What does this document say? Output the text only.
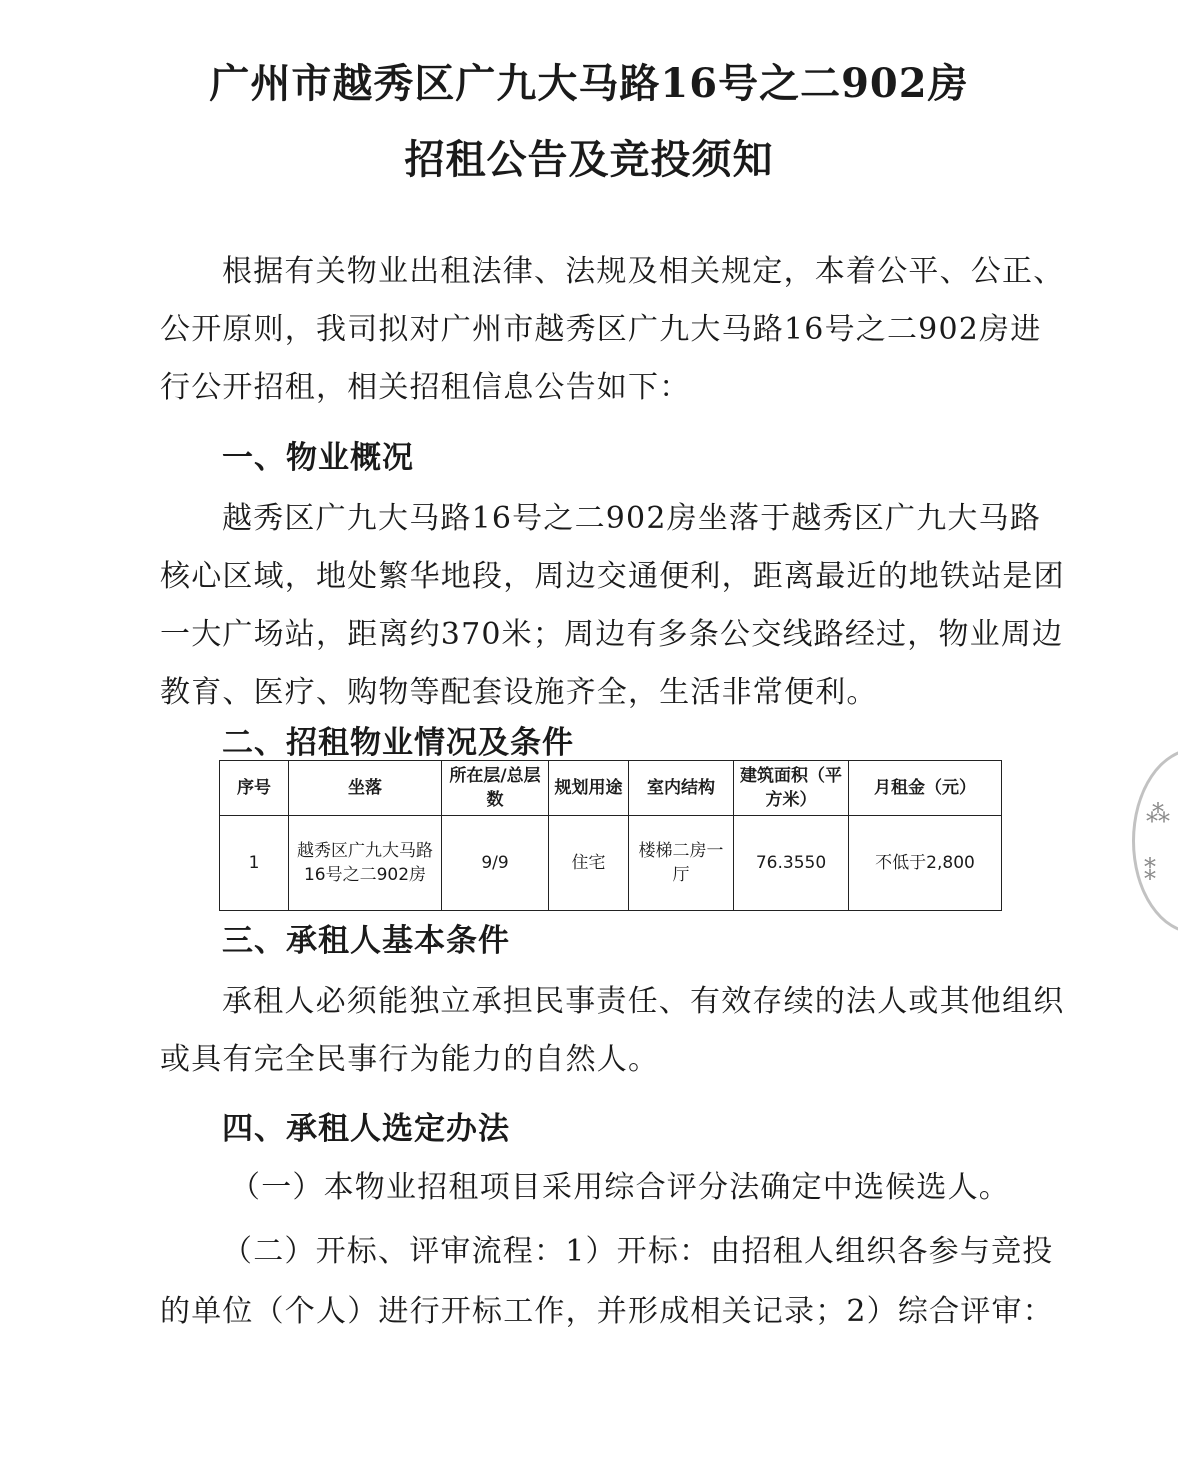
广州市越秀区广九大马路16号之二902房
招租公告及竞投须知
根据有关物业出租法律、法规及相关规定，本着公平、公正、公开原则，我司拟对广州市越秀区广九大马路16号之二902房进行公开招租，相关招租信息公告如下：
一、物业概况
越秀区广九大马路16号之二902房坐落于越秀区广九大马路核心区域，地处繁华地段，周边交通便利，距离最近的地铁站是团一大广场站，距离约370米；周边有多条公交线路经过，物业周边教育、医疗、购物等配套设施齐全，生活非常便利。
二、招租物业情况及条件
序号	坐落	所在层/总层数	规划用途	室内结构	建筑面积（平方米）	月租金（元）
1	越秀区广九大马路16号之二902房	9/9	住宅	楼梯二房一厅	76.3550	不低于2,800
三、承租人基本条件
承租人必须能独立承担民事责任、有效存续的法人或其他组织或具有完全民事行为能力的自然人。
四、承租人选定办法
（一）本物业招租项目采用综合评分法确定中选候选人。
（二）开标、评审流程：1）开标：由招租人组织各参与竞投的单位（个人）进行开标工作，并形成相关记录；2）综合评审：
⁂
⁑
